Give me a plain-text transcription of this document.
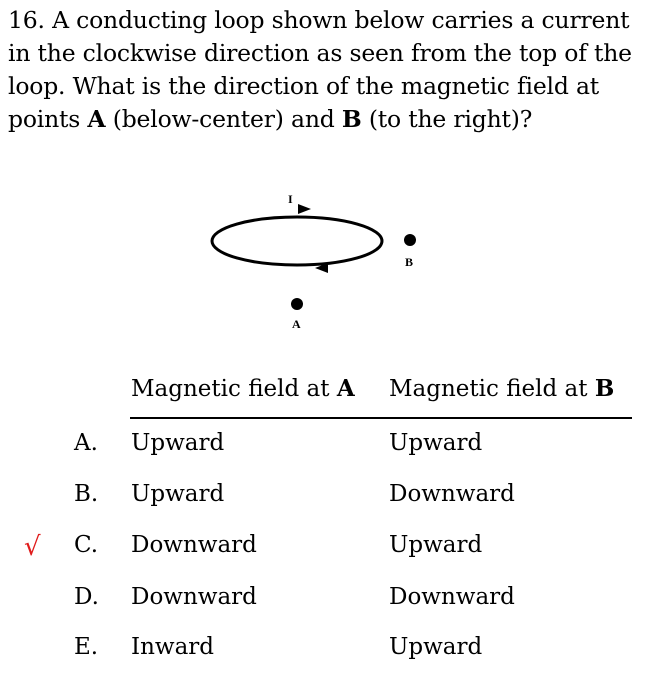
16. A conducting loop shown below carries a current in the clockwise direction as seen from the top of the loop. What is the direction of the magnetic field at points A (below-center) and B (to the right)?
I
B
A
Magnetic field at A Magnetic field at B
A. Upward	Upward
B. Upward	Downward
√ C. Downward	Upward
D. Downward	Downward
E. Inward	Upward
